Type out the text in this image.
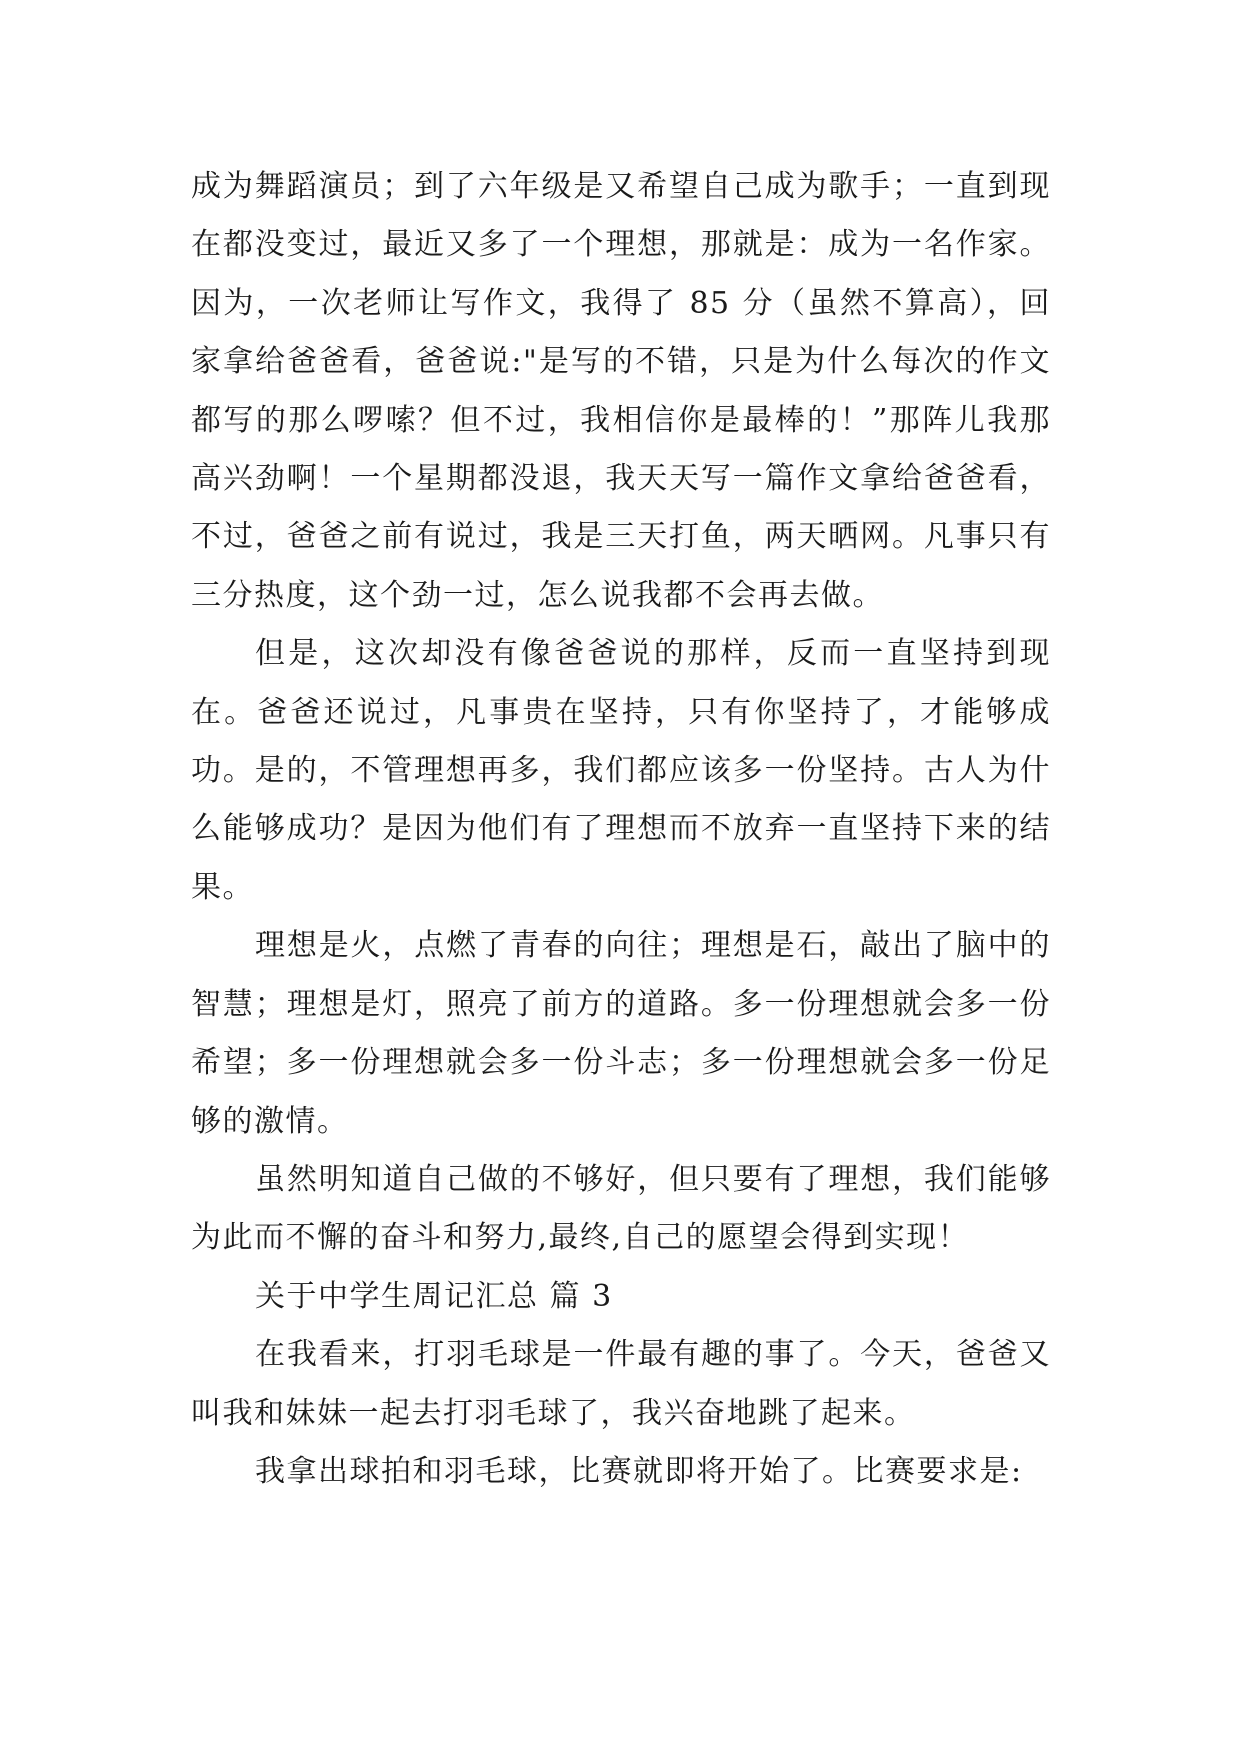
成为舞蹈演员；到了六年级是又希望自己成为歌手；一直到现在都没变过，最近又多了一个理想，那就是：成为一名作家。因为，一次老师让写作文，我得了 85 分（虽然不算高），回家拿给爸爸看，爸爸说:"是写的不错，只是为什么每次的作文都写的那么啰嗦？但不过，我相信你是最棒的！”那阵儿我那高兴劲啊！一个星期都没退，我天天写一篇作文拿给爸爸看，不过，爸爸之前有说过，我是三天打鱼，两天晒网。凡事只有三分热度，这个劲一过，怎么说我都不会再去做。

但是，这次却没有像爸爸说的那样，反而一直坚持到现在。爸爸还说过，凡事贵在坚持，只有你坚持了，才能够成功。是的，不管理想再多，我们都应该多一份坚持。古人为什么能够成功？是因为他们有了理想而不放弃一直坚持下来的结果。

理想是火，点燃了青春的向往；理想是石，敲出了脑中的智慧；理想是灯，照亮了前方的道路。多一份理想就会多一份希望；多一份理想就会多一份斗志；多一份理想就会多一份足够的激情。

虽然明知道自己做的不够好，但只要有了理想，我们能够为此而不懈的奋斗和努力,最终,自己的愿望会得到实现！

关于中学生周记汇总 篇 3

在我看来，打羽毛球是一件最有趣的事了。今天，爸爸又叫我和妹妹一起去打羽毛球了，我兴奋地跳了起来。

我拿出球拍和羽毛球，比赛就即将开始了。比赛要求是:
